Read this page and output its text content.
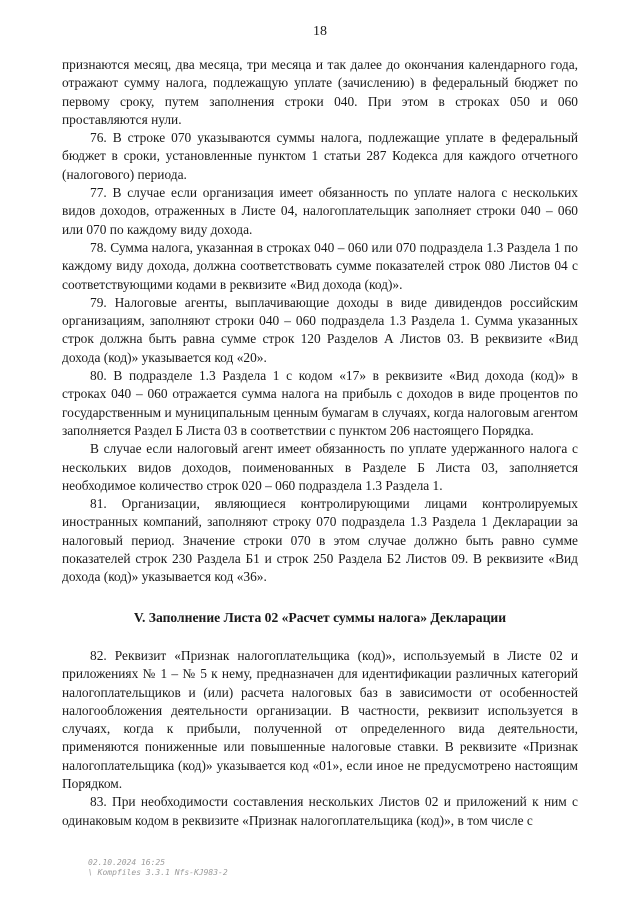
18

признаются месяц, два месяца, три месяца и так далее до окончания календарного года, отражают сумму налога, подлежащую уплате (зачислению) в федеральный бюджет по первому сроку, путем заполнения строки 040. При этом в строках 050 и 060 проставляются нули.

76. В строке 070 указываются суммы налога, подлежащие уплате в федеральный бюджет в сроки, установленные пунктом 1 статьи 287 Кодекса для каждого отчетного (налогового) периода.

77. В случае если организация имеет обязанность по уплате налога с нескольких видов доходов, отраженных в Листе 04, налогоплательщик заполняет строки 040 – 060 или 070 по каждому виду дохода.

78. Сумма налога, указанная в строках 040 – 060 или 070 подраздела 1.3 Раздела 1 по каждому виду дохода, должна соответствовать сумме показателей строк 080 Листов 04 с соответствующими кодами в реквизите «Вид дохода (код)».

79. Налоговые агенты, выплачивающие доходы в виде дивидендов российским организациям, заполняют строки 040 – 060 подраздела 1.3 Раздела 1. Сумма указанных строк должна быть равна сумме строк 120 Разделов А Листов 03. В реквизите «Вид дохода (код)» указывается код «20».

80. В подразделе 1.3 Раздела 1 с кодом «17» в реквизите «Вид дохода (код)» в строках 040 – 060 отражается сумма налога на прибыль с доходов в виде процентов по государственным и муниципальным ценным бумагам в случаях, когда налоговым агентом заполняется Раздел Б Листа 03 в соответствии с пунктом 206 настоящего Порядка.

В случае если налоговый агент имеет обязанность по уплате удержанного налога с нескольких видов доходов, поименованных в Разделе Б Листа 03, заполняется необходимое количество строк 020 – 060 подраздела 1.3 Раздела 1.

81. Организации, являющиеся контролирующими лицами контролируемых иностранных компаний, заполняют строку 070 подраздела 1.3 Раздела 1 Декларации за налоговый период. Значение строки 070 в этом случае должно быть равно сумме показателей строк 230 Раздела Б1 и строк 250 Раздела Б2 Листов 09. В реквизите «Вид дохода (код)» указывается код «36».

V. Заполнение Листа 02 «Расчет суммы налога» Декларации

82. Реквизит «Признак налогоплательщика (код)», используемый в Листе 02 и приложениях № 1 – № 5 к нему, предназначен для идентификации различных категорий налогоплательщиков и (или) расчета налоговых баз в зависимости от особенностей налогообложения деятельности организации. В частности, реквизит используется в случаях, когда к прибыли, полученной от определенного вида деятельности, применяются пониженные или повышенные налоговые ставки. В реквизите «Признак налогоплательщика (код)» указывается код «01», если иное не предусмотрено настоящим Порядком.

83. При необходимости составления нескольких Листов 02 и приложений к ним с одинаковым кодом в реквизите «Признак налогоплательщика (код)», в том числе с

02.10.2024 16:25
\ Kompfiles 3.3.1 Nfs-KJ983-2
